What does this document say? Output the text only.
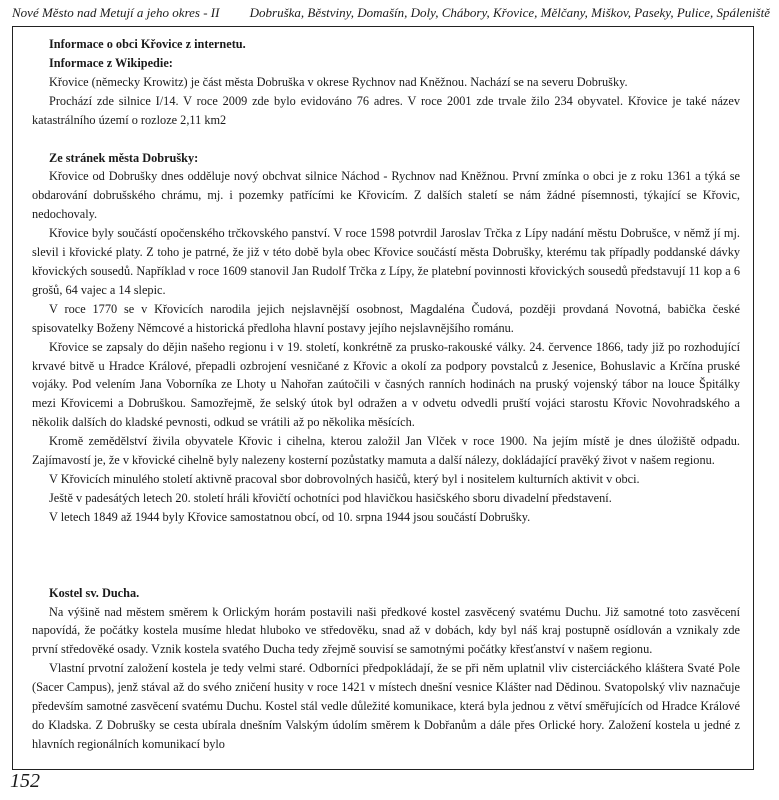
Nové Město nad Metují a jeho okres - II Dobruška, Běstviny, Domašín, Doly, Chábory, Křovice, Mělčany, Miškov, Paseky, Pulice, Spáleniště

Informace o obci Křovice z internetu.

Informace z Wikipedie:

Křovice (německy Krowitz) je část města Dobruška v okrese Rychnov nad Kněžnou. Nachází se na severu Dobrušky.

Prochází zde silnice I/14. V roce 2009 zde bylo evidováno 76 adres. V roce 2001 zde trvale žilo 234 obyvatel. Křovice je také název katastrálního území o rozloze 2,11 km2

Ze stránek města Dobrušky:

Křovice od Dobrušky dnes odděluje nový obchvat silnice Náchod - Rychnov nad Kněžnou. První zmínka o obci je z roku 1361 a týká se obdarování dobrušského chrámu, mj. i pozemky patřícími ke Křovicím. Z dalších staletí se nám žádné písemnosti, týkající se Křovic, nedochovaly.

Křovice byly součástí opočenského trčkovského panství. V roce 1598 potvrdil Jaroslav Trčka z Lípy nadání městu Dobrušce, v němž jí mj. slevil i křovické platy. Z toho je patrné, že již v této době byla obec Křovice součástí města Dobrušky, kterému tak případly poddanské dávky křovických sousedů. Například v roce 1609 stanovil Jan Rudolf Trčka z Lípy, že platební povinnosti křovických sousedů představují 11 kop a 6 grošů, 64 vajec a 14 slepic.

V roce 1770 se v Křovicích narodila jejich nejslavnější osobnost, Magdaléna Čudová, později provdaná Novotná, babička české spisovatelky Boženy Němcové a historická předloha hlavní postavy jejího nejslavnějšího románu.

Křovice se zapsaly do dějin našeho regionu i v 19. století, konkrétně za prusko-rakouské války. 24. července 1866, tady již po rozhodující krvavé bitvě u Hradce Králové, přepadli ozbrojení vesničané z Křovic a okolí za podpory povstalců z Jesenice, Bohuslavic a Krčína pruské vojáky. Pod velením Jana Voborníka ze Lhoty u Nahořan zaútočili v časných ranních hodinách na pruský vojenský tábor na louce Špitálky mezi Křovicemi a Dobruškou. Samozřejmě, že selský útok byl odražen a v odvetu odvedli pruští vojáci starostu Křovic Novohradského a několik dalších do kladské pevnosti, odkud se vrátili až po několika měsících.

Kromě zemědělství živila obyvatele Křovic i cihelna, kterou založil Jan Vlček v roce 1900. Na jejím místě je dnes úložiště odpadu. Zajímavostí je, že v křovické cihelně byly nalezeny kosterní pozůstatky mamuta a další nálezy, dokládající pravěký život v našem regionu.

V Křovicích minulého století aktivně pracoval sbor dobrovolných hasičů, který byl i nositelem kulturních aktivit v obci.

Ještě v padesátých letech 20. století hráli křovičtí ochotníci pod hlavičkou hasičského sboru divadelní představení.

V letech 1849 až 1944 byly Křovice samostatnou obcí, od 10. srpna 1944 jsou součástí Dobrušky.

Kostel sv. Ducha.

Na výšině nad městem směrem k Orlickým horám postavili naši předkové kostel zasvěcený svatému Duchu. Již samotné toto zasvěcení napovídá, že počátky kostela musíme hledat hluboko ve středověku, snad až v dobách, kdy byl náš kraj postupně osídlován a vznikaly zde první středověké osady. Vznik kostela svatého Ducha tedy zřejmě souvisí se samotnými počátky křesťanství v našem regionu.

Vlastní prvotní založení kostela je tedy velmi staré. Odborníci předpokládají, že se při něm uplatnil vliv cisterciáckého kláštera Svaté Pole (Sacer Campus), jenž stával až do svého zničení husity v roce 1421 v místech dnešní vesnice Klášter nad Dědinou. Svatopolský vliv naznačuje především samotné zasvěcení svatému Duchu. Kostel stál vedle důležité komunikace, která byla jednou z větví směřujících od Hradce Králové do Kladska. Z Dobrušky se cesta ubírala dnešním Valským údolím směrem k Dobřanům a dále přes Orlické hory. Založení kostela u jedné z hlavních regionálních komunikací bylo

152
